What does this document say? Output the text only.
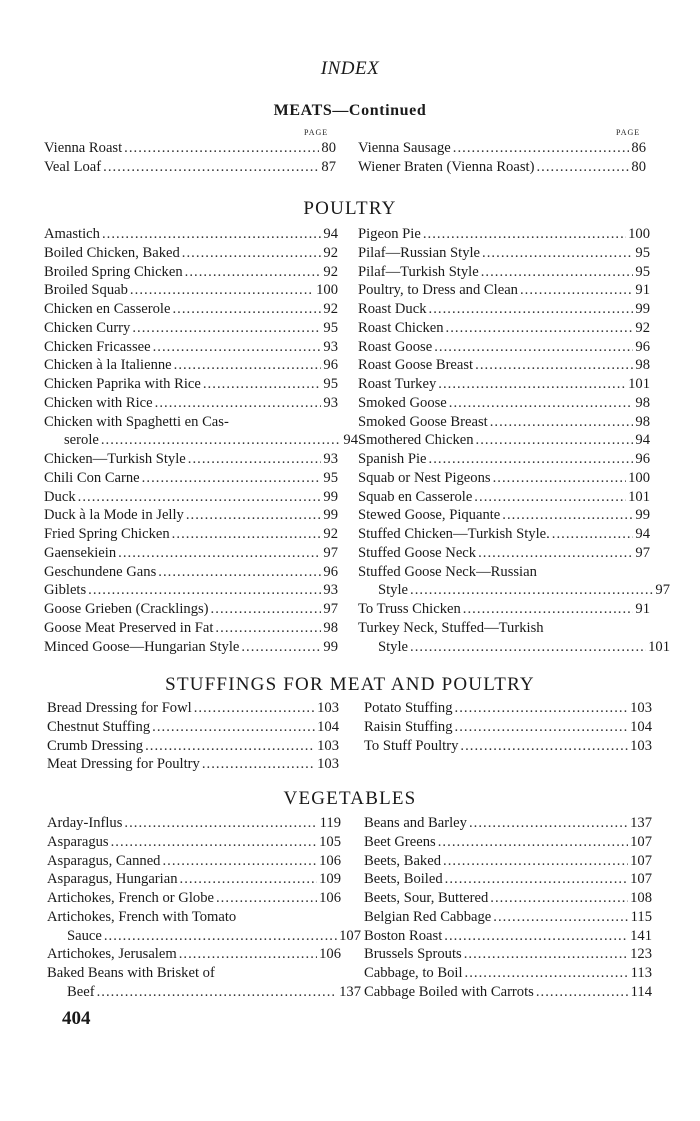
INDEX
MEATS—Continued
PAGE	PAGE
Vienna Roast . . .	80
Veal Loaf . . .	87
Vienna Sausage . . .	86
Wiener Braten (Vienna Roast) . . .	80
POULTRY
Amastich . . .	94
Boiled Chicken, Baked . . .	92
Broiled Spring Chicken . . .	92
Broiled Squab . . .	100
Chicken en Casserole . . .	92
Chicken Curry . . .	95
Chicken Fricassee . . .	93
Chicken à la Italienne . . .	96
Chicken Paprika with Rice . . .	95
Chicken with Rice . . .	93
Chicken with Spaghetti en Cas-
serole . . .	94
Chicken—Turkish Style . . .	93
Chili Con Carne . . .	95
Duck . . .	99
Duck à la Mode in Jelly . . .	99
Fried Spring Chicken . . .	92
Gaensekiein . . .	97
Geschundene Gans . . .	96
Giblets . . .	93
Goose Grieben (Cracklings) . . .	97
Goose Meat Preserved in Fat . . .	98
Minced Goose—Hungarian Style . . .	99
Pigeon Pie . . .	100
Pilaf—Russian Style . . .	95
Pilaf—Turkish Style . . .	95
Poultry, to Dress and Clean . . .	91
Roast Duck . . .	99
Roast Chicken . . .	92
Roast Goose . . .	96
Roast Goose Breast . . .	98
Roast Turkey . . .	101
Smoked Goose . . .	98
Smoked Goose Breast . . .	98
Smothered Chicken . . .	94
Spanish Pie . . .	96
Squab or Nest Pigeons . . .	100
Squab en Casserole . . .	101
Stewed Goose, Piquante . . .	99
Stuffed Chicken—Turkish Style. . . .	94
Stuffed Goose Neck . . .	97
Stuffed Goose Neck—Russian
Style . . .	97
To Truss Chicken . . .	91
Turkey Neck, Stuffed—Turkish
Style . . .	101
STUFFINGS FOR MEAT AND POULTRY
Bread Dressing for Fowl . . .	103
Chestnut Stuffing . . .	104
Crumb Dressing . . .	103
Meat Dressing for Poultry . . .	103
Potato Stuffing . . .	103
Raisin Stuffing . . .	104
To Stuff Poultry . . .	103
VEGETABLES
Arday-Influs . . .	119
Asparagus . . .	105
Asparagus, Canned . . .	106
Asparagus, Hungarian . . .	109
Artichokes, French or Globe . . .	106
Artichokes, French with Tomato
Sauce . . .	107
Artichokes, Jerusalem . . .	106
Baked Beans with Brisket of
Beef . . .	137
Beans and Barley . . .	137
Beet Greens . . .	107
Beets, Baked . . .	107
Beets, Boiled . . .	107
Beets, Sour, Buttered . . .	108
Belgian Red Cabbage . . .	115
Boston Roast . . .	141
Brussels Sprouts . . .	123
Cabbage, to Boil . . .	113
Cabbage Boiled with Carrots . . .	114
404
